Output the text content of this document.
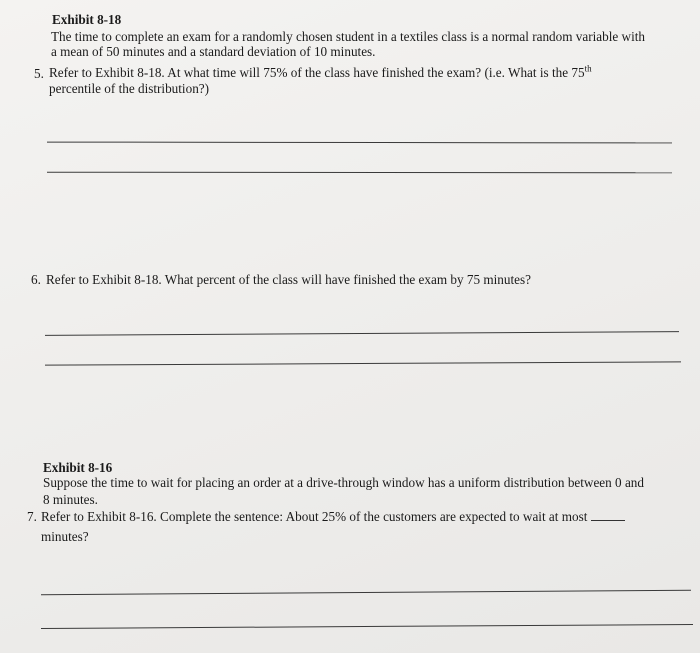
Exhibit 8-18
The time to complete an exam for a randomly chosen student in a textiles class is a normal random variable with
a mean of 50 minutes and a standard deviation of 10 minutes.
5. Refer to Exhibit 8-18. At what time will 75% of the class have finished the exam? (i.e. What is the 75th
percentile of the distribution?)
6. Refer to Exhibit 8-18. What percent of the class will have finished the exam by 75 minutes?
Exhibit 8-16
Suppose the time to wait for placing an order at a drive-through window has a uniform distribution between 0 and
8 minutes.
7. Refer to Exhibit 8-16. Complete the sentence: About 25% of the customers are expected to wait at most
minutes?
